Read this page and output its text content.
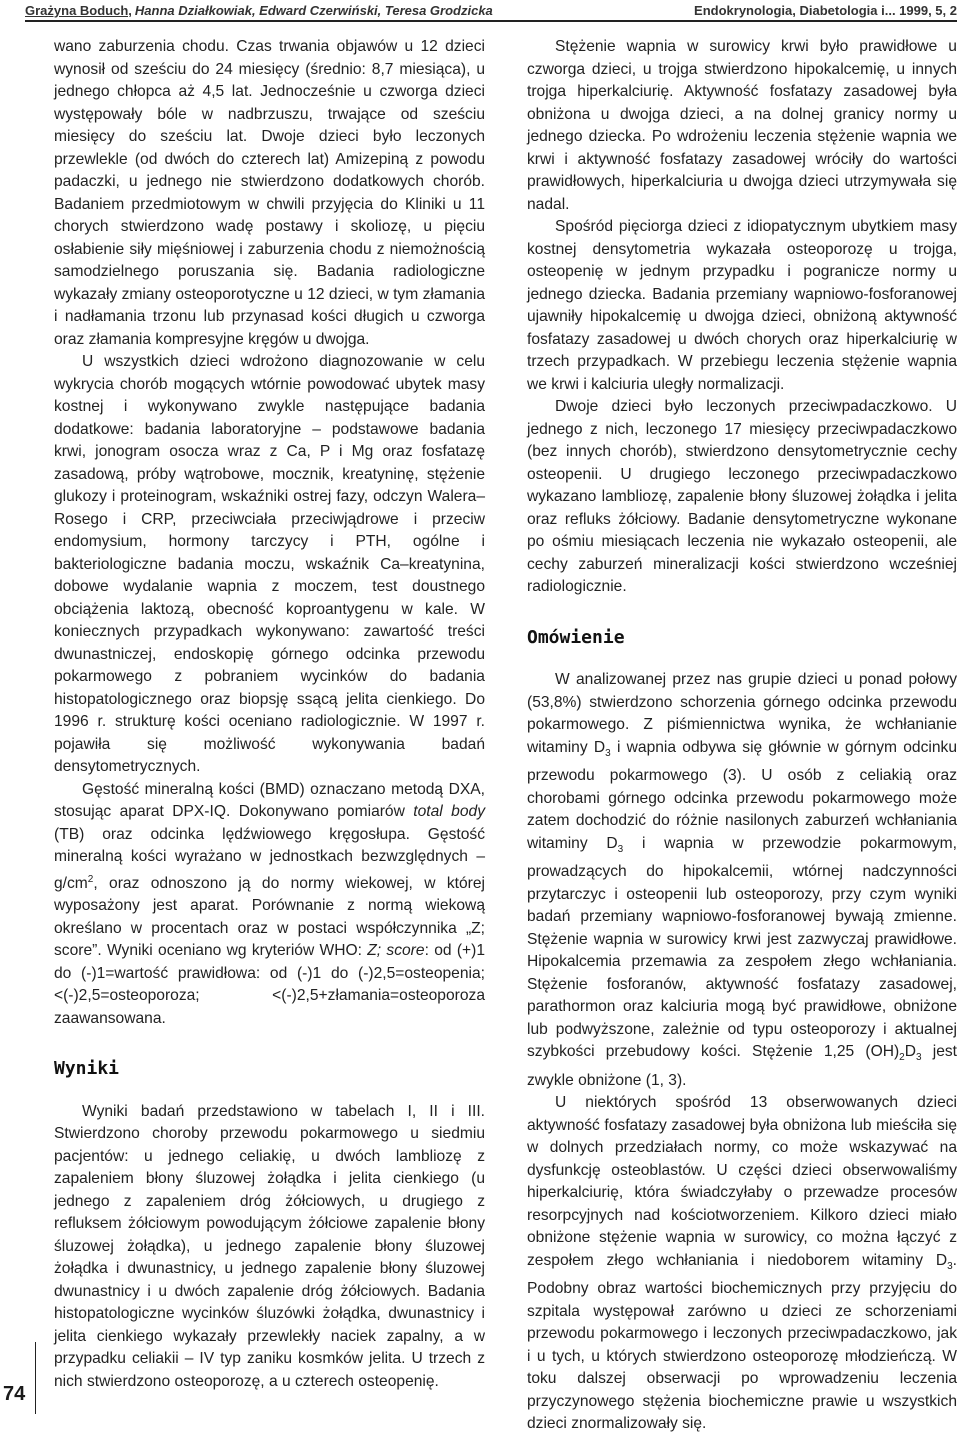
Grażyna Boduch, Hanna Działkowiak, Edward Czerwiński, Teresa Grodzicka	Endokrynologia, Diabetologia i... 1999, 5, 2

wano zaburzenia chodu. Czas trwania objawów u 12 dzieci wynosił od sześciu do 24 miesięcy (średnio: 8,7 miesiąca), u jednego chłopca aż 4,5 lat. Jednocześnie u czworga dzieci występowały bóle w nadbrzuszu, trwające od sześciu miesięcy do sześciu lat. Dwoje dzieci było leczonych przewlekle (od dwóch do czterech lat) Amizepiną z powodu padaczki, u jednego nie stwierdzono dodatkowych chorób. Badaniem przedmiotowym w chwili przyjęcia do Kliniki u 11 chorych stwierdzono wadę postawy i skoliozę, u pięciu osłabienie siły mięśniowej i zaburzenia chodu z niemożnością samodzielnego poruszania się. Badania radiologiczne wykazały zmiany osteoporotyczne u 12 dzieci, w tym złamania i nadłamania trzonu lub przynasad kości długich u czworga oraz złamania kompresyjne kręgów u dwojga.

U wszystkich dzieci wdrożono diagnozowanie w celu wykrycia chorób mogących wtórnie powodować ubytek masy kostnej i wykonywano zwykle następujące badania dodatkowe: badania laboratoryjne – podstawowe badania krwi, jonogram osocza wraz z Ca, P i Mg oraz fosfatazę zasadową, próby wątrobowe, mocznik, kreatyninę, stężenie glukozy i proteinogram, wskaźniki ostrej fazy, odczyn Walera–Rosego i CRP, przeciwciała przeciwjądrowe i przeciw endomysium, hormony tarczycy i PTH, ogólne i bakteriologiczne badania moczu, wskaźnik Ca–kreatynina, dobowe wydalanie wapnia z moczem, test doustnego obciążenia laktozą, obecność koproantygenu w kale. W koniecznych przypadkach wykonywano: zawartość treści dwunastniczej, endoskopię górnego odcinka przewodu pokarmowego z pobraniem wycinków do badania histopatologicznego oraz biopsję ssącą jelita cienkiego. Do 1996 r. strukturę kości oceniano radiologicznie. W 1997 r. pojawiła się możliwość wykonywania badań densytometrycznych.

Gęstość mineralną kości (BMD) oznaczano metodą DXA, stosując aparat DPX-IQ. Dokonywano pomiarów total body (TB) oraz odcinka lędźwiowego kręgosłupa. Gęstość mineralną kości wyrażano w jednostkach bezwzględnych – $g/cm^2$, oraz odnoszono ją do normy wiekowej, w której wyposażony jest aparat. Porównanie z normą wiekową określano w procentach oraz w postaci współczynnika „Z; score”. Wyniki oceniano wg kryteriów WHO: Z; score: od (+)1 do (-)1=wartość prawidłowa: od (-)1 do (-)2,5=osteopenia; <(-)2,5=osteoporoza; <(-)2,5+złamania=osteoporoza zaawansowana.

Wyniki

Wyniki badań przedstawiono w tabelach I, II i III. Stwierdzono choroby przewodu pokarmowego u siedmiu pacjentów: u jednego celiakię, u dwóch lambliozę z zapaleniem błony śluzowej żołądka i jelita cienkiego (u jednego z zapaleniem dróg żółciowych, u drugiego z refluksem żółciowym powodującym żółciowe zapalenie błony śluzowej żołądka), u jednego zapalenie błony śluzowej żołądka i dwunastnicy, u jednego zapalenie błony śluzowej dwunastnicy i u dwóch zapalenie dróg żółciowych. Badania histopatologiczne wycinków śluzówki żołądka, dwunastnicy i jelita cienkiego wykazały przewlekły naciek zapalny, a w przypadku celiakii – IV typ zaniku kosmków jelita. U trzech z nich stwierdzono osteoporozę, a u czterech osteopenię.

Stężenie wapnia w surowicy krwi było prawidłowe u czworga dzieci, u trojga stwierdzono hipokalcemię, u innych trojga hiperkalciurię. Aktywność fosfatazy zasadowej była obniżona u dwojga dzieci, a na dolnej granicy normy u jednego dziecka. Po wdrożeniu leczenia stężenie wapnia we krwi i aktywność fosfatazy zasadowej wróciły do wartości prawidłowych, hiperkalciuria u dwojga dzieci utrzymywała się nadal.

Spośród pięciorga dzieci z idiopatycznym ubytkiem masy kostnej densytometria wykazała osteoporozę u trojga, osteopenię w jednym przypadku i pogranicze normy u jednego dziecka. Badania przemiany wapniowo-fosforanowej ujawniły hipokalcemię u dwojga dzieci, obniżoną aktywność fosfatazy zasadowej u dwóch chorych oraz hiperkalciurię w trzech przypadkach. W przebiegu leczenia stężenie wapnia we krwi i kalciuria uległy normalizacji.

Dwoje dzieci było leczonych przeciwpadaczkowo. U jednego z nich, leczonego 17 miesięcy przeciwpadaczkowo (bez innych chorób), stwierdzono densytometrycznie cechy osteopenii. U drugiego leczonego przeciwpadaczkowo wykazano lambliozę, zapalenie błony śluzowej żołądka i jelita oraz refluks żółciowy. Badanie densytometryczne wykonane po ośmiu miesiącach leczenia nie wykazało osteopenii, ale cechy zaburzeń mineralizacji kości stwierdzono wcześniej radiologicznie.

Omówienie

W analizowanej przez nas grupie dzieci u ponad połowy (53,8%) stwierdzono schorzenia górnego odcinka przewodu pokarmowego. Z piśmiennictwa wynika, że wchłanianie witaminy $D_3$ i wapnia odbywa się głównie w górnym odcinku przewodu pokarmowego (3). U osób z celiakią oraz chorobami górnego odcinka przewodu pokarmowego może zatem dochodzić do różnie nasilonych zaburzeń wchłaniania witaminy $D_3$ i wapnia w przewodzie pokarmowym, prowadzących do hipokalcemii, wtórnej nadczynności przytarczyc i osteopenii lub osteoporozy, przy czym wyniki badań przemiany wapniowo-fosforanowej bywają zmienne. Stężenie wapnia w surowicy krwi jest zazwyczaj prawidłowe. Hipokalcemia przemawia za zespołem złego wchłaniania. Stężenie fosforanów, aktywność fosfatazy zasadowej, parathormon oraz kalciuria mogą być prawidłowe, obniżone lub podwyższone, zależnie od typu osteoporozy i aktualnej szybkości przebudowy kości. Stężenie 1,25 $(OH)_2D_3$ jest zwykle obniżone (1, 3).

U niektórych spośród 13 obserwowanych dzieci aktywność fosfatazy zasadowej była obniżona lub mieściła się w dolnych przedziałach normy, co może wskazywać na dysfunkcję osteoblastów. U części dzieci obserwowaliśmy hiperkalciurię, która świadczyłaby o przewadze procesów resorpcyjnych nad kościotworzeniem. Kilkoro dzieci miało obniżone stężenie wapnia w surowicy, co można łączyć z zespołem złego wchłaniania i niedoborem witaminy $D_3$. Podobny obraz wartości biochemicznych przy przyjęciu do szpitala występował zarówno u dzieci ze schorzeniami przewodu pokarmowego i leczonych przeciwpadaczkowo, jak i u tych, u których stwierdzono osteoporozę młodzieńczą. W toku dalszej obserwacji po wprowadzeniu leczenia przyczynowego stężenia biochemiczne prawie u wszystkich dzieci znormalizowały się.

74
